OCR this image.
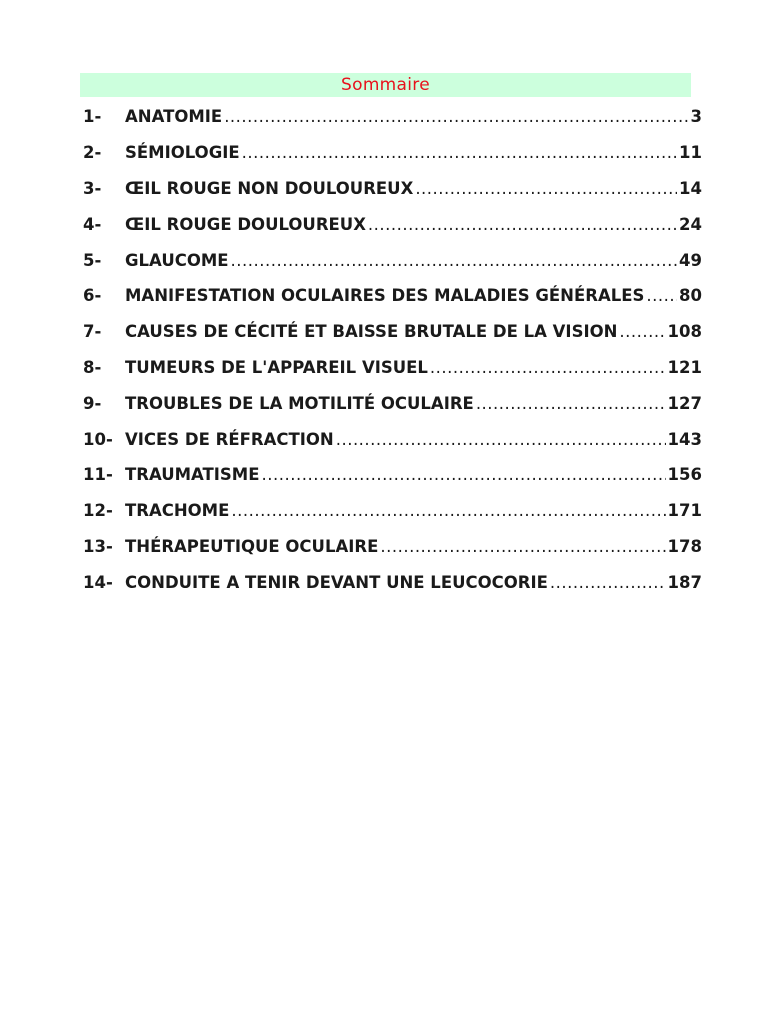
Sommaire
1-	ANATOMIE .....	3
2-	SÉMIOLOGIE .....	11
3-	ŒIL ROUGE NON DOULOUREUX .....	14
4-	ŒIL ROUGE DOULOUREUX .....	24
5-	GLAUCOME .....	49
6-	MANIFESTATION OCULAIRES DES MALADIES GÉNÉRALES ..... 80
7-	CAUSES DE CÉCITÉ ET BAISSE BRUTALE DE LA VISION .....	108
8-	TUMEURS DE L'APPAREIL VISUEL .....	121
9-	TROUBLES DE LA MOTILITÉ OCULAIRE .....	127
10- VICES DE RÉFRACTION .....	143
11- TRAUMATISME .....	156
12- TRACHOME .....	171
13- THÉRAPEUTIQUE OCULAIRE .....	178
14- CONDUITE A TENIR DEVANT UNE LEUCOCORIE .....	187
